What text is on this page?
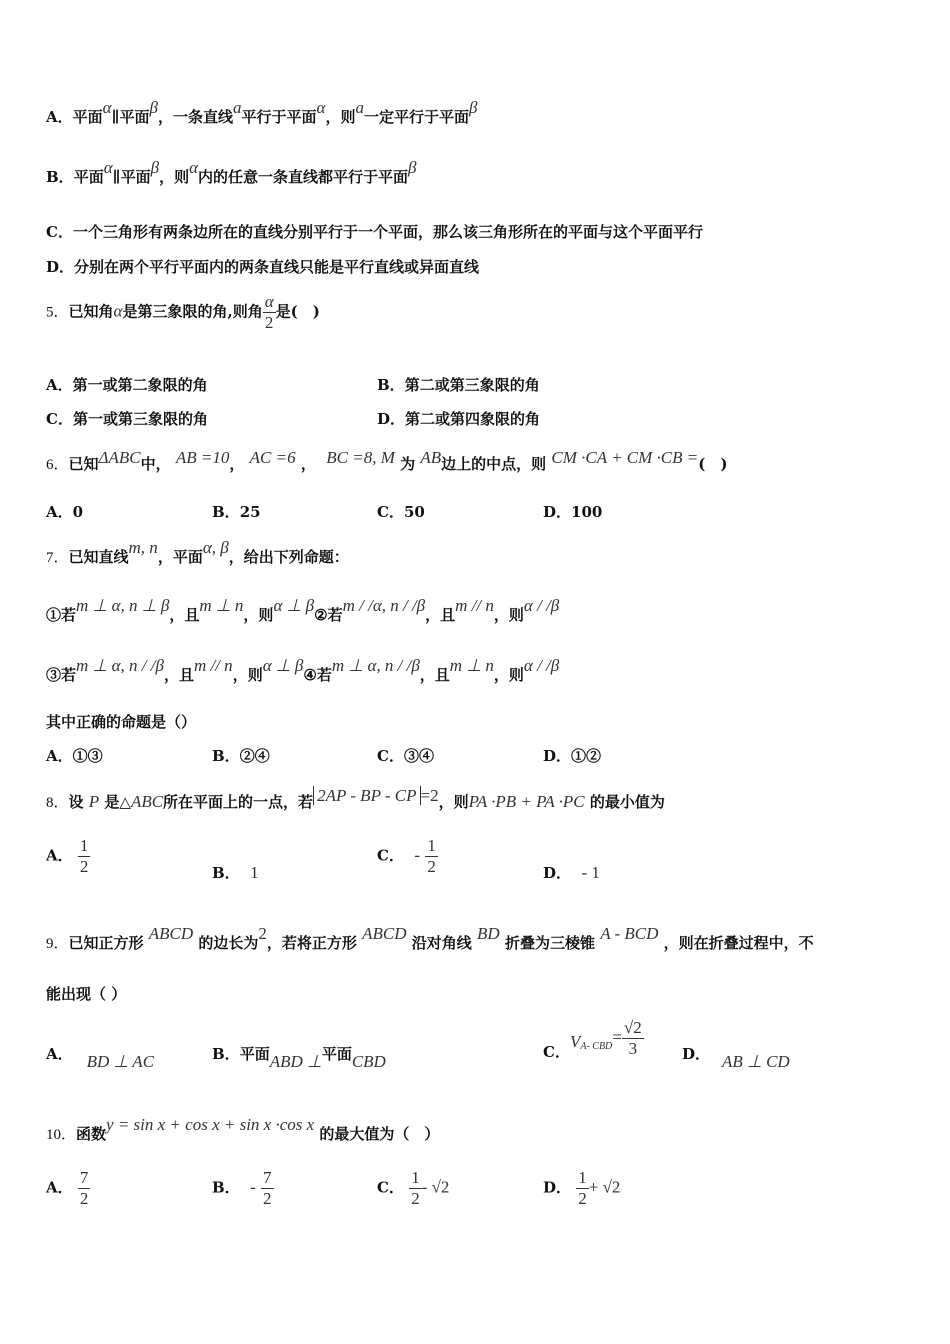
A．平面α∥平面β，一条直线a平行于平面α，则a一定平行于平面β
B．平面α∥平面β，则α内的任意一条直线都平行于平面β
C．一个三角形有两条边所在的直线分别平行于一个平面，那么该三角形所在的平面与这个平面平行
D．分别在两个平行平面内的两条直线只能是平行直线或异面直线
5．已知角α是第三象限的角,则角 $\frac{\alpha}{2}$ 是(　)
A．第一或第二象限的角	B．第二或第三象限的角
C．第一或第三象限的角	D．第二或第四象限的角
6．已知ΔABC中， AB =10， AC =6 ， BC =8, M 为 AB边上的中点，则 CM ·CA + CM ·CB =(　)
A．0	B．25	C．50	D．100
7．已知直线m, n，平面α, β，给出下列命题：
①若m ⊥ α, n ⊥ β，且m ⊥ n，则α ⊥ β②若m / /α, n / /β，且m // n，则α / /β
③若m ⊥ α, n / /β，且m // n，则α ⊥ β④若m ⊥ α, n / /β，且m ⊥ n，则α / /β
其中正确的命题是（）
A．①③	B．②④	C．③④	D．①②
8．设 P 是△ABC所在平面上的一点，若 2AP - BP - CP =2，则PA ·PB + PA ·PC 的最小值为
A． $\frac{1}{2}$	B． 1
C． - $\frac{1}{2}$	D． - 1
9．已知正方形 ABCD 的边长为2，若将正方形 ABCD 沿对角线 BD 折叠为三棱锥 A - BCD ，则在折叠过程中，不
能出现（ ）
A． BD ⊥ AC	B．平面ABD ⊥平面CBD
C．$V_{A- CBD}= \frac{√2}{3}$	D． AB ⊥ CD
10．函数y = sin x + cos x + sin x ·cos x 的最大值为（　）
A． $\frac{7}{2}$	B． - $\frac{7}{2}$	C． $\frac{1}{2} - √2$	D． $\frac{1}{2} + √2$
